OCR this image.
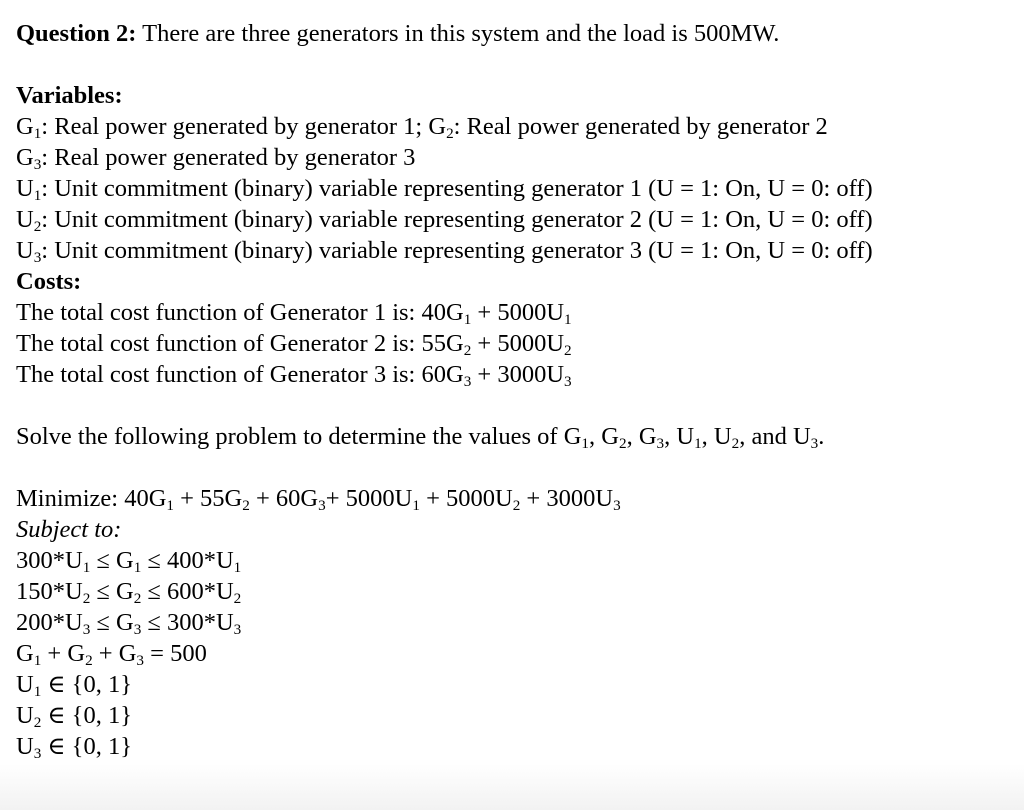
Question 2: There are three generators in this system and the load is 500MW.
Variables:
$G_1$: Real power generated by generator 1; $G_2$: Real power generated by generator 2
$G_3$: Real power generated by generator 3
$U_1$: Unit commitment (binary) variable representing generator 1 (U = 1: On, U = 0: off)
$U_2$: Unit commitment (binary) variable representing generator 2 (U = 1: On, U = 0: off)
$U_3$: Unit commitment (binary) variable representing generator 3 (U = 1: On, U = 0: off)
Costs:
The total cost function of Generator 1 is: $40G_1 + 5000U_1$
The total cost function of Generator 2 is: $55G_2 + 5000U_2$
The total cost function of Generator 3 is: $60G_3 + 3000U_3$
Solve the following problem to determine the values of $G_1$, $G_2$, $G_3$, $U_1$, $U_2$, and $U_3$.
Minimize: $40G_1 + 55G_2 + 60G_3+ 5000U_1 + 5000U_2 + 3000U_3$
Subject to:
$300*U_1 \le G_1 \le 400*U_1$
$150*U_2 \le G_2 \le 600*U_2$
$200*U_3 \le G_3 \le 300*U_3$
$G_1 + G_2 + G_3 = 500$
$U_1$ ∈ {0, 1}
$U_2$ ∈ {0, 1}
$U_3$ ∈ {0, 1}
